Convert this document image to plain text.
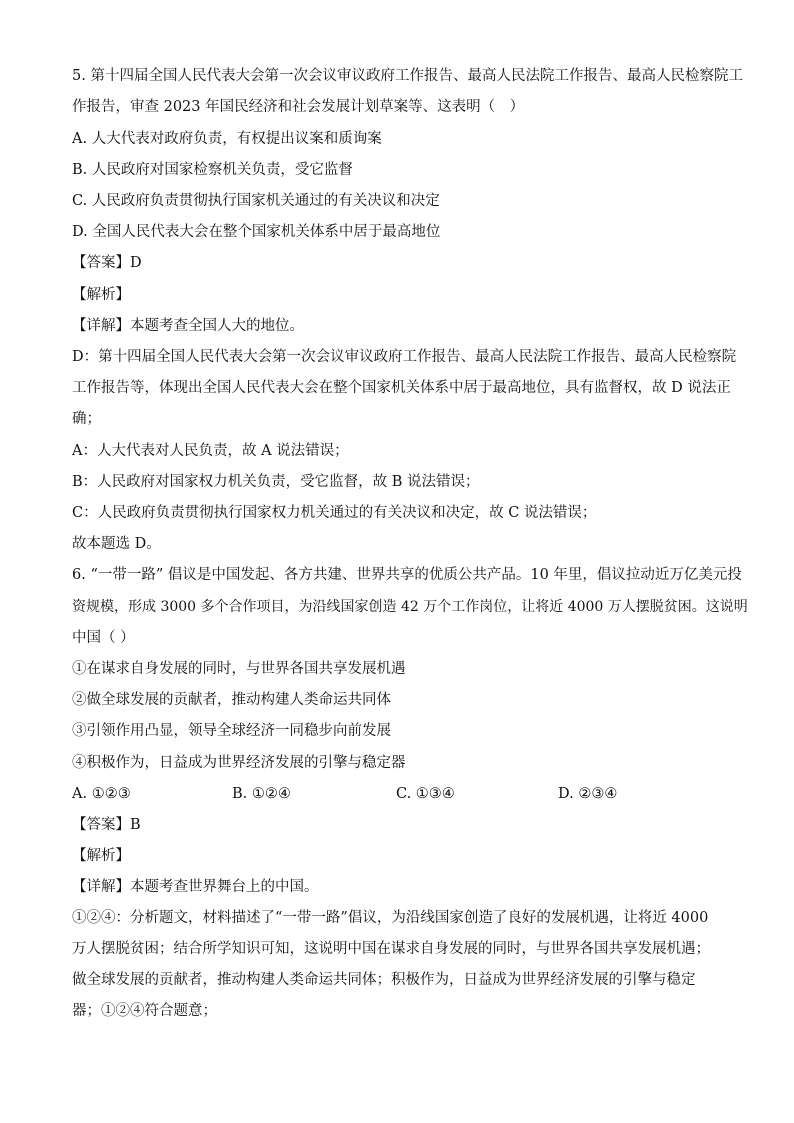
5. 第十四届全国人民代表大会第一次会议审议政府工作报告、最高人民法院工作报告、最高人民检察院工
作报告，审查 2023 年国民经济和社会发展计划草案等、这表明（　）
A. 人大代表对政府负责，有权提出议案和质询案
B. 人民政府对国家检察机关负责，受它监督
C. 人民政府负责贯彻执行国家机关通过的有关决议和决定
D. 全国人民代表大会在整个国家机关体系中居于最高地位
【答案】D
【解析】
【详解】本题考查全国人大的地位。
D：第十四届全国人民代表大会第一次会议审议政府工作报告、最高人民法院工作报告、最高人民检察院
工作报告等，体现出全国人民代表大会在整个国家机关体系中居于最高地位，具有监督权，故 D 说法正
确；
A：人大代表对人民负责，故 A 说法错误；
B：人民政府对国家权力机关负责，受它监督，故 B 说法错误；
C：人民政府负责贯彻执行国家权力机关通过的有关决议和决定，故 C 说法错误；
故本题选 D。
6. “一带一路” 倡议是中国发起、各方共建、世界共享的优质公共产品。10 年里，倡议拉动近万亿美元投
资规模，形成 3000 多个合作项目，为沿线国家创造 42 万个工作岗位，让将近 4000 万人摆脱贫困。这说明
中国（ ）
①在谋求自身发展的同时，与世界各国共享发展机遇
②做全球发展的贡献者，推动构建人类命运共同体
③引领作用凸显，领导全球经济一同稳步向前发展
④积极作为，日益成为世界经济发展的引擎与稳定器
A. ①②③	B. ①②④	C. ①③④	D. ②③④
【答案】B
【解析】
【详解】本题考查世界舞台上的中国。
①②④：分析题文，材料描述了“一带一路”倡议，为沿线国家创造了良好的发展机遇，让将近 4000 万人摆脱贫困；结合所学知识可知，这说明中国在谋求自身发展的同时，与世界各国共享发展机遇；做全球发展的贡献者，推动构建人类命运共同体；积极作为，日益成为世界经济发展的引擎与稳定器；①②④符合题意；
